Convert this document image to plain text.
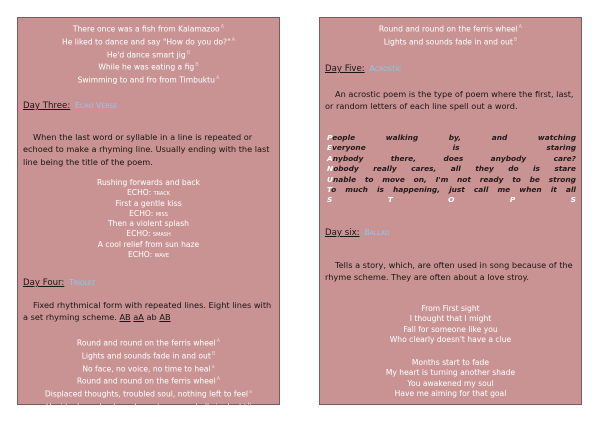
There once was a fish from Kalamazoo$^A$
He liked to dance and say "How do you do?"$^A$
He'd dance smart jig$^B$
While he was eating a fig$^B$
Swimming to and fro from Timbuktu$^A$
Day Three: Echo Verse
When the last word or syllable in a line is repeated or echoed to make a rhyming line. Usually ending with the last line being the title of the poem.
Rushing forwards and back
ECHO: track
First a gentle kiss
ECHO: miss
Then a violent splash
ECHO: smash
A cool relief from sun haze
ECHO: wave
Day Four: Triolet
Fixed rhythmical form with repeated lines. Eight lines with a set rhyming scheme. AB aA ab AB
Round and round on the ferris wheel$^A$
Lights and sounds fade in and out$^B$
No face, no voice, no time to heal$^a$
Round and round on the ferris wheel$^A$
Displaced thoughts, troubled soul, nothing left to feel$^a$
Upside down, backwards, up to my eyeballs in doubt$^b$
Round and round on the ferris wheel$^A$
Lights and sounds fade in and out$^B$
Day Five: Acrostic
An acrostic poem is the type of poem where the first, last, or random letters of each line spell out a word.
People	walking	by,	and	watching
Everyone	is	staring
Anybody	there,	does	anybody	care?
Nobody really cares, all they do is stare
Unable to move on, I'm not ready to be strong
To much is happening, just call me when it all
S	T	O	P	S
Day six: Ballad
Tells a story, which, are often used in song because of the rhyme scheme. They are often about a love stroy.
From First sight
I thought that I might
Fall for someone like you
Who clearly doesn't have a clue
Months start to fade
My heart is turning another shade
You awakened my soul
Have me aiming for that goal
